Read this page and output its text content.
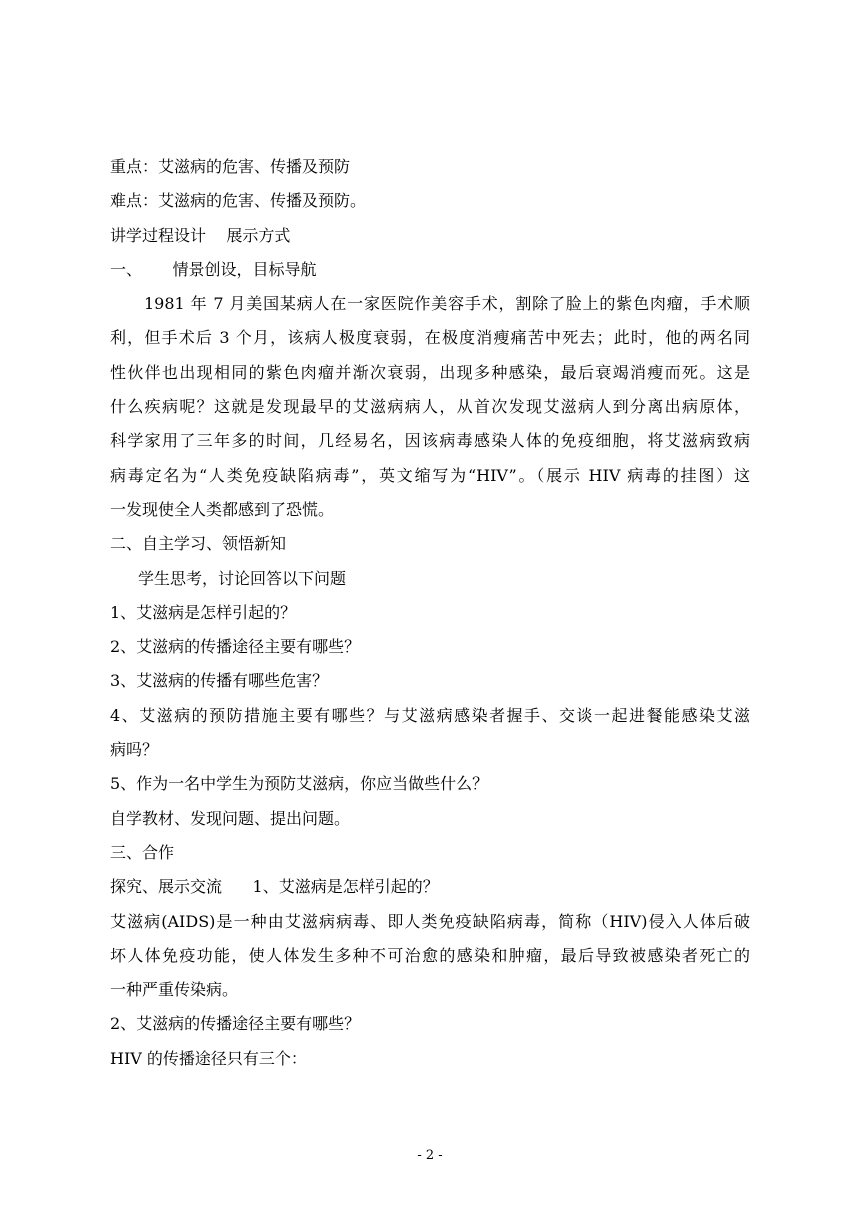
重点：艾滋病的危害、传播及预防

难点：艾滋病的危害、传播及预防。

讲学过程设计    展示方式

一、      情景创设，目标导航

1981 年 7 月美国某病人在一家医院作美容手术，割除了脸上的紫色肉瘤，手术顺

利，但手术后 3 个月，该病人极度衰弱，在极度消瘦痛苦中死去；此时，他的两名同

性伙伴也出现相同的紫色肉瘤并渐次衰弱，出现多种感染，最后衰竭消瘦而死。这是

什么疾病呢？这就是发现最早的艾滋病病人，从首次发现艾滋病人到分离出病原体，

科学家用了三年多的时间，几经易名，因该病毒感染人体的免疫细胞，将艾滋病致病

病毒定名为“人类免疫缺陷病毒”，英文缩写为“HIV”。（展示 HIV 病毒的挂图）这

一发现使全人类都感到了恐慌。

二、自主学习、领悟新知

学生思考，讨论回答以下问题

1、艾滋病是怎样引起的？

2、艾滋病的传播途径主要有哪些？

3、艾滋病的传播有哪些危害？

4、艾滋病的预防措施主要有哪些？与艾滋病感染者握手、交谈一起进餐能感染艾滋

病吗？

5、作为一名中学生为预防艾滋病，你应当做些什么？

自学教材、发现问题、提出问题。

三、合作

探究、展示交流      1、艾滋病是怎样引起的？

艾滋病(AIDS)是一种由艾滋病病毒、即人类免疫缺陷病毒，简称（HIV)侵入人体后破

坏人体免疫功能，使人体发生多种不可治愈的感染和肿瘤，最后导致被感染者死亡的

一种严重传染病。

2、艾滋病的传播途径主要有哪些？

HIV 的传播途径只有三个：

- 2 -
